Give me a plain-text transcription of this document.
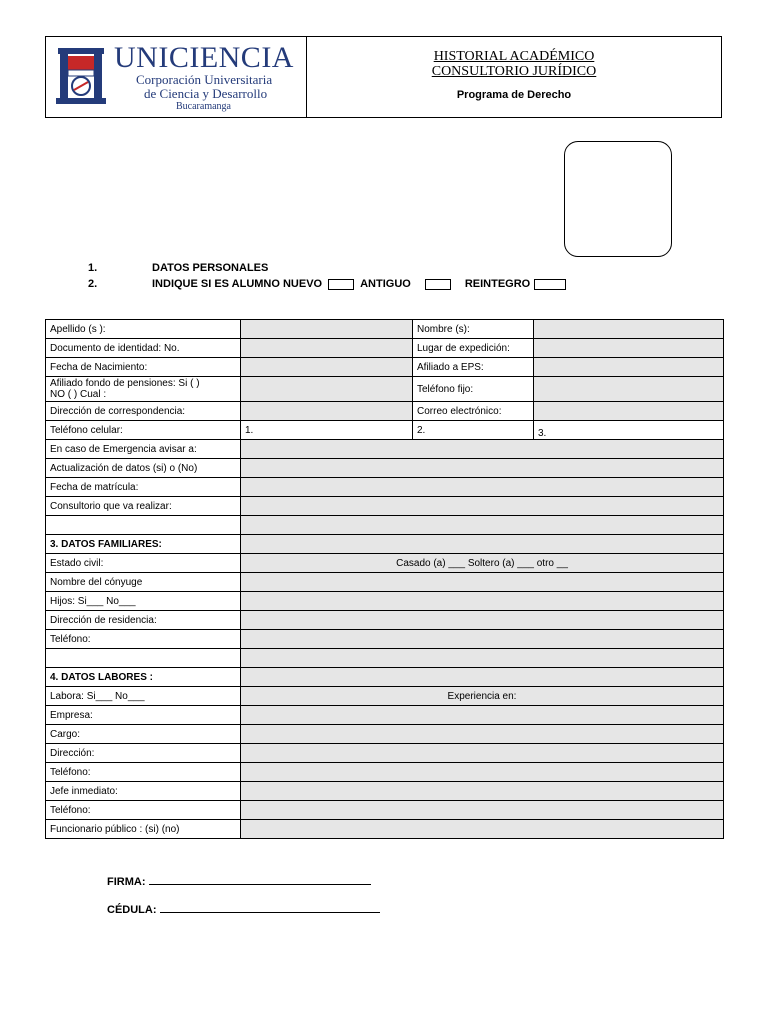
UNICIENCIA
Corporación Universitaria
de Ciencia y Desarrollo
Bucaramanga
HISTORIAL ACADÉMICO
CONSULTORIO JURÍDICO
Programa de Derecho
1.	DATOS PERSONALES
2.	INDIQUE SI ES ALUMNO NUEVO	ANTIGUO	REINTEGRO
Apellido (s ):		Nombre (s):	
Documento de identidad: No.		Lugar de expedición:	
Fecha de Nacimiento:		Afiliado a EPS:	

Afiliado fondo de pensiones: Si ( )
NO ( ) Cual :		Teléfono fijo:	
Dirección de correspondencia:		Correo electrónico:	
Teléfono celular:	1.	2.	3.
En caso de Emergencia avisar a:			
Actualización de datos (si) o (No)			
Fecha de matrícula:			
Consultorio que va realizar:			

3. DATOS FAMILIARES:			
Estado civil:	Casado (a) ___ Soltero (a) ___ otro __		
Nombre del cónyuge			
Hijos: Si___ No___			
Dirección de residencia:			
Teléfono:			

4. DATOS LABORES :			
Labora: Si___ No___	Experiencia en:		
Empresa:			
Cargo:			
Dirección:			
Teléfono:			
Jefe inmediato:			
Teléfono:			
Funcionario público : (si) (no)			
FIRMA:
CÉDULA:
